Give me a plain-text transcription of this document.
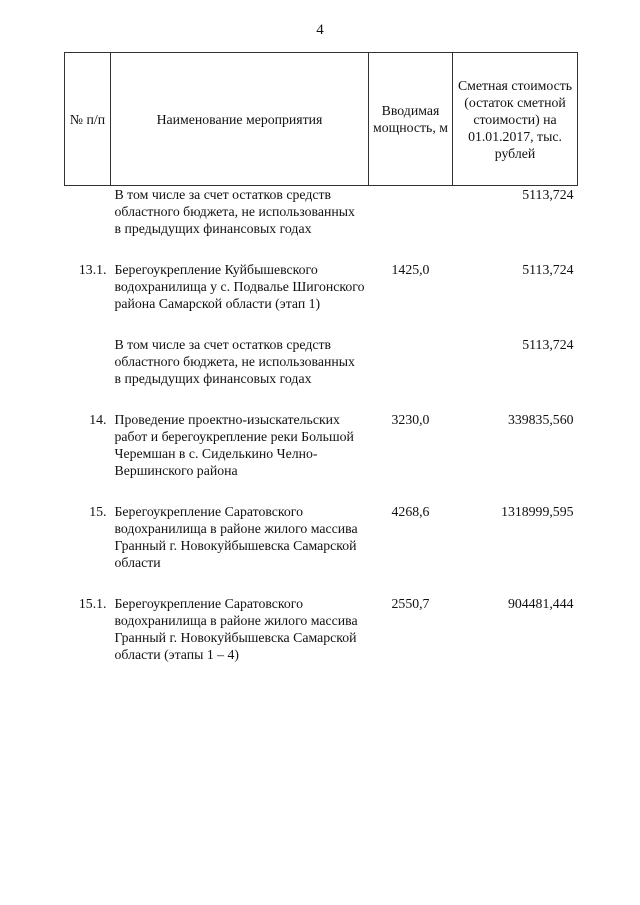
4
№ п/п	Наименование мероприятия	Вводимая мощность, м	Сметная стоимость (остаток сметной стоимости) на 01.01.2017, тыс. рублей
	В том числе за счет остатков средств областного бюджета, не использованных в предыдущих финансовых годах		5113,724
13.1.	Берегоукрепление Куйбышевского водохранилища у с. Подвалье Шигонского района Самарской области (этап 1)	1425,0	5113,724
	В том числе за счет остатков средств областного бюджета, не использованных в предыдущих финансовых годах		5113,724
14.	Проведение проектно-изыскательских работ и берегоукрепление реки Большой Черемшан в с. Сиделькино Челно-Вершинского района	3230,0	339835,560
15.	Берегоукрепление Саратовского водохранилища в районе жилого массива Гранный г. Новокуйбышевска Самарской области	4268,6	1318999,595
15.1.	Берегоукрепление Саратовского водохранилища в районе жилого массива Гранный г. Новокуйбышевска Самарской области (этапы 1 – 4)	2550,7	904481,444
